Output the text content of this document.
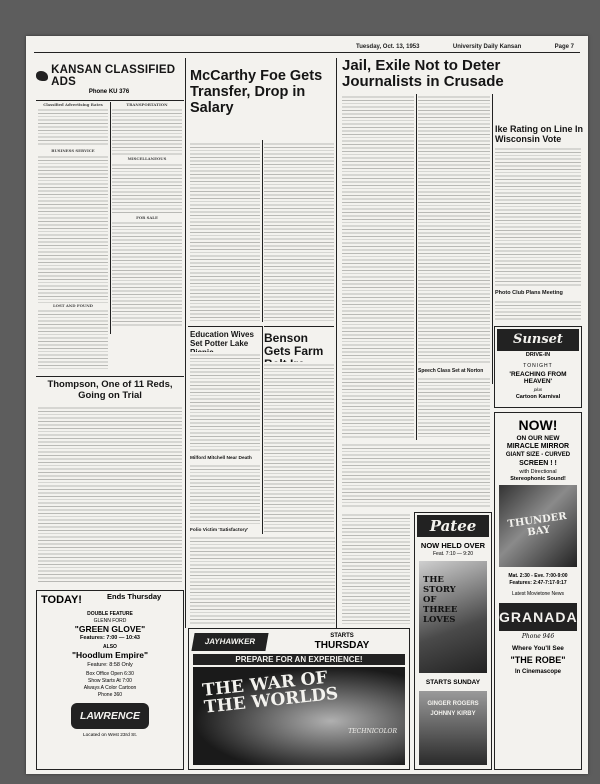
Tuesday, Oct. 13, 1953	University Daily Kansan	Page 7
KANSAN CLASSIFIED ADS
Phone KU 376
Classified Advertising Rates
BUSINESS SERVICE
TRANSPORTATION
MISCELLANEOUS
FOR SALE
LOST AND FOUND
Thompson, One of 11 Reds, Going on Trial
TODAY!	Ends Thursday
DOUBLE FEATURE
GLENN FORD
"GREEN GLOVE"
Features: 7:00 — 10:43
ALSO
"Hoodlum Empire"
Feature: 8:58 Only
Box Office Open 6:30
Show Starts At 7:00
Always A Color Cartoon
Phone 360
LAWRENCE
Located on West 23rd St.
McCarthy Foe Gets Transfer, Drop in Salary
Education Wives Set Potter Lake
Milford Mitchell Near Death
Folio Victim 'Satisfactory'
Benson Gets Farm
JAYHAWKER
STARTS
THURSDAY
PREPARE FOR AN EXPERIENCE!
THE WAR OF THE WORLDS
TECHNICOLOR
Jail, Exile Not to Deter Journalists in Crusade
Speech Class Set at Norton
Ike Rating on Line In Wisconsin Vote
Photo Club Plans Meeting
Sunset
DRIVE-IN
TONIGHT
'REACHING FROM HEAVEN'
plus
Cartoon Karnival
NOW!
ON OUR NEW
MIRACLE MIRROR
GIANT SIZE - CURVED
SCREEN ! !
with Directional
Stereophonic Sound!
THUNDER BAY
Mat. 2:30 - Eve. 7:00-9:00
Features: 2:47-7:17-9:17
Latest Movietone News
GRANADA
Phone 946
Where You'll See
"THE ROBE"
In Cinemascope
Patee
NOW HELD OVER
Feat. 7:10 — 9:20
THE STORY OF THREE LOVES
STARTS SUNDAY
GINGER ROGERS
JOHNNY KIRBY
